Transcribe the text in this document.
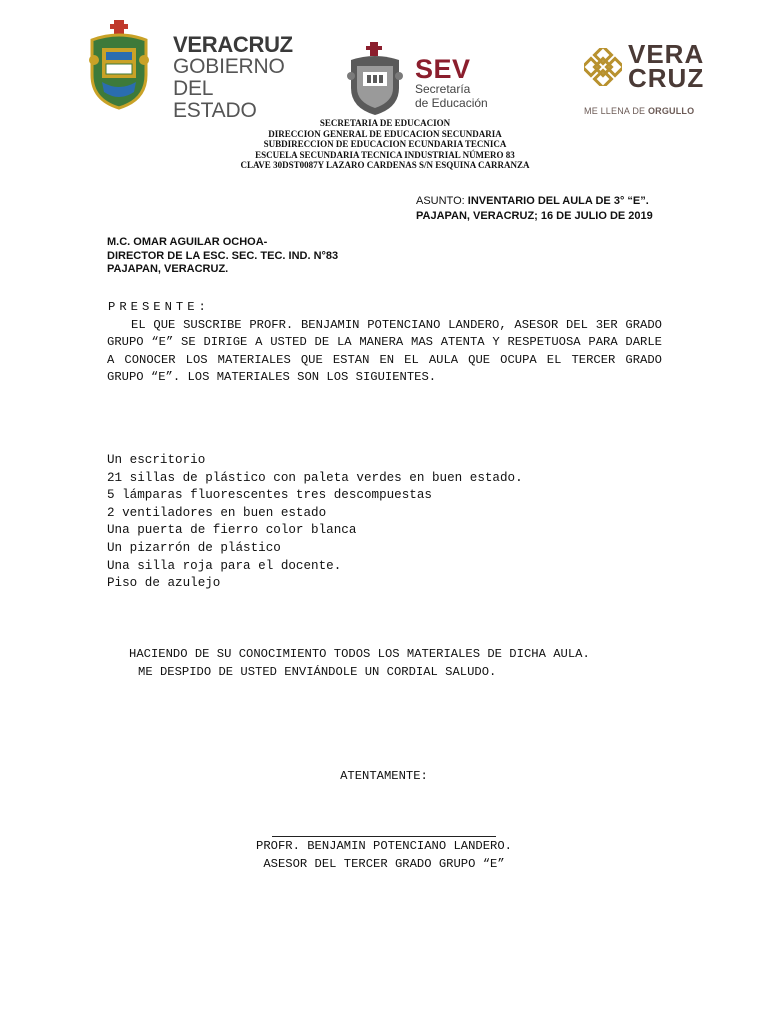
VERACRUZ
GOBIERNO
DEL ESTADO
SEV
Secretaría
de Educación
VERA
CRUZ
ME LLENA DE ORGULLO
SECRETARIA DE EDUCACION
DIRECCION GENERAL DE EDUCACION SECUNDARIA
SUBDIRECCION DE EDUCACION ECUNDARIA TECNICA
ESCUELA SECUNDARIA TECNICA INDUSTRIAL NÚMERO 83
CLAVE 30DST0087Y LAZARO CARDENAS S/N ESQUINA CARRANZA
ASUNTO: INVENTARIO DEL AULA DE 3° “E”.
PAJAPAN, VERACRUZ; 16 DE JULIO DE 2019
M.C. OMAR AGUILAR OCHOA-
DIRECTOR DE LA ESC. SEC. TEC. IND. N°83
PAJAPAN, VERACRUZ.
PRESENTE:
EL QUE SUSCRIBE PROFR. BENJAMIN POTENCIANO LANDERO, ASESOR DEL 3ER GRADO GRUPO “E” SE DIRIGE A USTED DE LA MANERA MAS ATENTA Y RESPETUOSA PARA DARLE A CONOCER LOS MATERIALES QUE ESTAN EN EL AULA QUE OCUPA EL TERCER GRADO GRUPO “E”. LOS MATERIALES SON LOS SIGUIENTES.
Un escritorio
21 sillas de plástico con paleta verdes en buen estado.
5 lámparas fluorescentes tres descompuestas
2 ventiladores en buen estado
Una puerta de fierro color blanca
Un pizarrón de plástico
Una silla roja para el docente.
Piso de azulejo
HACIENDO DE SU CONOCIMIENTO TODOS LOS MATERIALES DE DICHA AULA.
ME DESPIDO DE USTED ENVIÁNDOLE UN CORDIAL SALUDO.
ATENTAMENTE:
PROFR. BENJAMIN POTENCIANO LANDERO.
ASESOR DEL TERCER GRADO GRUPO “E”
